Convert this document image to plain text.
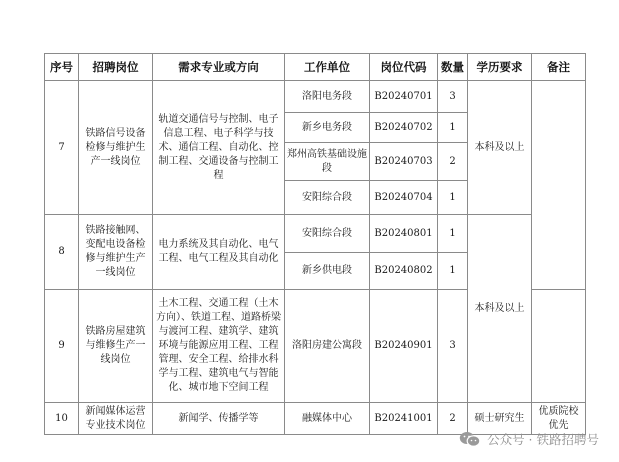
序号	招聘岗位	需求专业或方向	工作单位	岗位代码	数量	学历要求	备注
7	铁路信号设备检修与维护生产一线岗位	轨道交通信号与控制、电子信息工程、电子科学与技术、通信工程、自动化、控制工程、交通设备与控制工程	洛阳电务段	B20240701	3	本科及以上	
			新乡电务段	B20240702	1		
			郑州高铁基础设施段	B20240703	2		
			安阳综合段	B20240704	1		
8	铁路接触网、变配电设备检修与维护生产一线岗位	电力系统及其自动化、电气工程、电气工程及其自动化	安阳综合段	B20240801	1	本科及以上	
			新乡供电段	B20240802	1		
9	铁路房屋建筑与维修生产一线岗位	土木工程、交通工程（土木方向）、铁道工程、道路桥梁与渡河工程、建筑学、建筑环境与能源应用工程、工程管理、安全工程、给排水科学与工程、建筑电气与智能化、城市地下空间工程	洛阳房建公寓段	B20240901	3		
10	新闻媒体运营专业技术岗位	新闻学、传播学等	融媒体中心	B20241001	2	硕士研究生	优质院校优先
公众号 · 铁路招聘号
